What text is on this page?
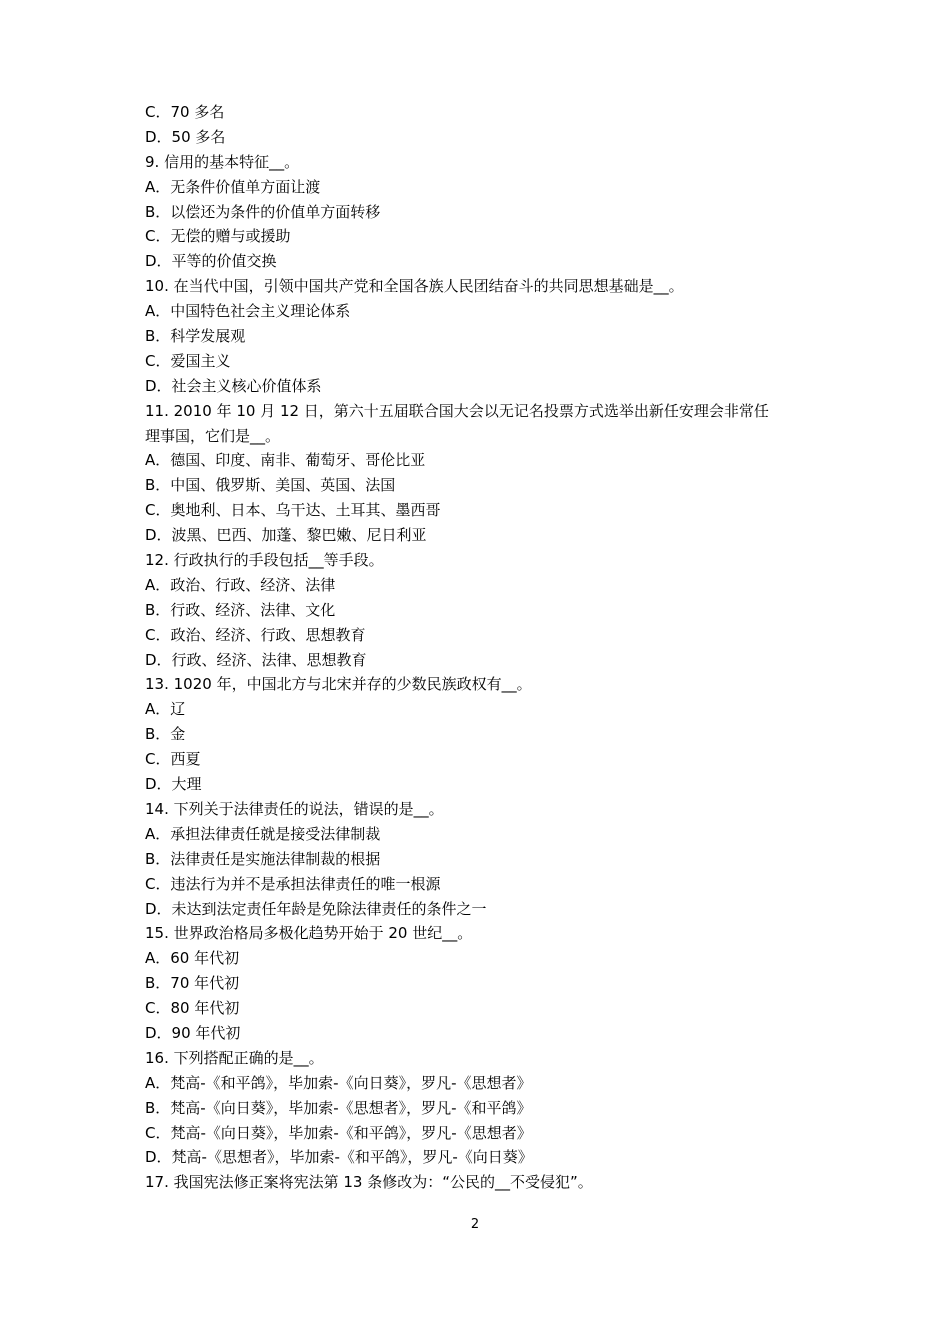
C．70 多名
D．50 多名
9. 信用的基本特征__。
A．无条件价值单方面让渡
B．以偿还为条件的价值单方面转移
C．无偿的赠与或援助
D．平等的价值交换
10. 在当代中国，引领中国共产党和全国各族人民团结奋斗的共同思想基础是__。
A．中国特色社会主义理论体系
B．科学发展观
C．爱国主义
D．社会主义核心价值体系
11. 2010 年 10 月 12 日，第六十五届联合国大会以无记名投票方式选举出新任安理会非常任
理事国，它们是__。
A．德国、印度、南非、葡萄牙、哥伦比亚
B．中国、俄罗斯、美国、英国、法国
C．奥地利、日本、乌干达、土耳其、墨西哥
D．波黑、巴西、加蓬、黎巴嫩、尼日利亚
12. 行政执行的手段包括__等手段。
A．政治、行政、经济、法律
B．行政、经济、法律、文化
C．政治、经济、行政、思想教育
D．行政、经济、法律、思想教育
13. 1020 年，中国北方与北宋并存的少数民族政权有__。
A．辽
B．金
C．西夏
D．大理
14. 下列关于法律责任的说法，错误的是__。
A．承担法律责任就是接受法律制裁
B．法律责任是实施法律制裁的根据
C．违法行为并不是承担法律责任的唯一根源
D．未达到法定责任年龄是免除法律责任的条件之一
15. 世界政治格局多极化趋势开始于 20 世纪__。
A．60 年代初
B．70 年代初
C．80 年代初
D．90 年代初
16. 下列搭配正确的是__。
A．梵高-《和平鸽》，毕加索-《向日葵》，罗凡-《思想者》
B．梵高-《向日葵》，毕加索-《思想者》，罗凡-《和平鸽》
C．梵高-《向日葵》，毕加索-《和平鸽》，罗凡-《思想者》
D．梵高-《思想者》，毕加索-《和平鸽》，罗凡-《向日葵》
17. 我国宪法修正案将宪法第 13 条修改为：“公民的__不受侵犯”。
2
